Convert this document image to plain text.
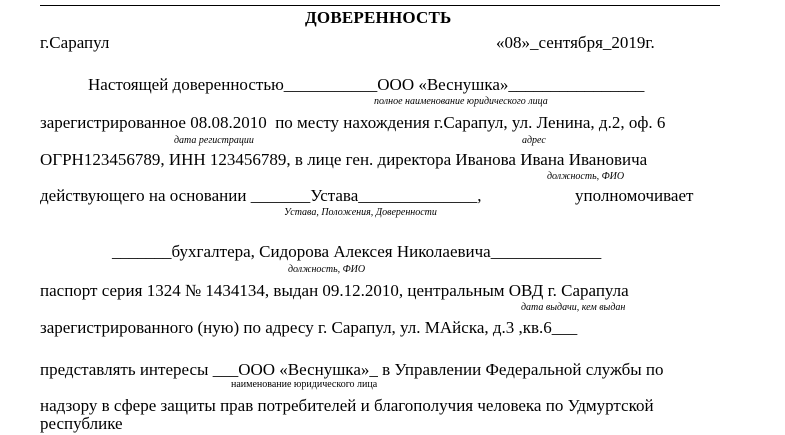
ДОВЕРЕННОСТЬ
г.Сарапул	«08»_сентября_2019г.
Настоящей доверенностью___________ООО «Веснушка»________________
полное наименование юридического лица
зарегистрированное 08.08.2010  по месту нахождения г.Сарапул, ул. Ленина, д.2, оф. 6
дата регистрации	адрес
ОГРН123456789, ИНН 123456789, в лице ген. директора Иванова Ивана Ивановича
должность, ФИО
действующего на основании _______Устава______________,	уполномочивает
Устава, Положения, Доверенности
_______бухгалтера, Сидорова Алексея Николаевича_____________
должность, ФИО
паспорт серия 1324 № 1434134, выдан 09.12.2010, центральным ОВД г. Сарапула
дата выдачи, кем выдан
зарегистрированного (ную) по адресу г. Сарапул, ул. МАйска, д.3 ,кв.6___
представлять интересы ___ООО «Веснушка»_ в Управлении Федеральной службы по
наименование юридического лица
надзору в сфере защиты прав потребителей и благополучия человека по Удмуртской
республике
